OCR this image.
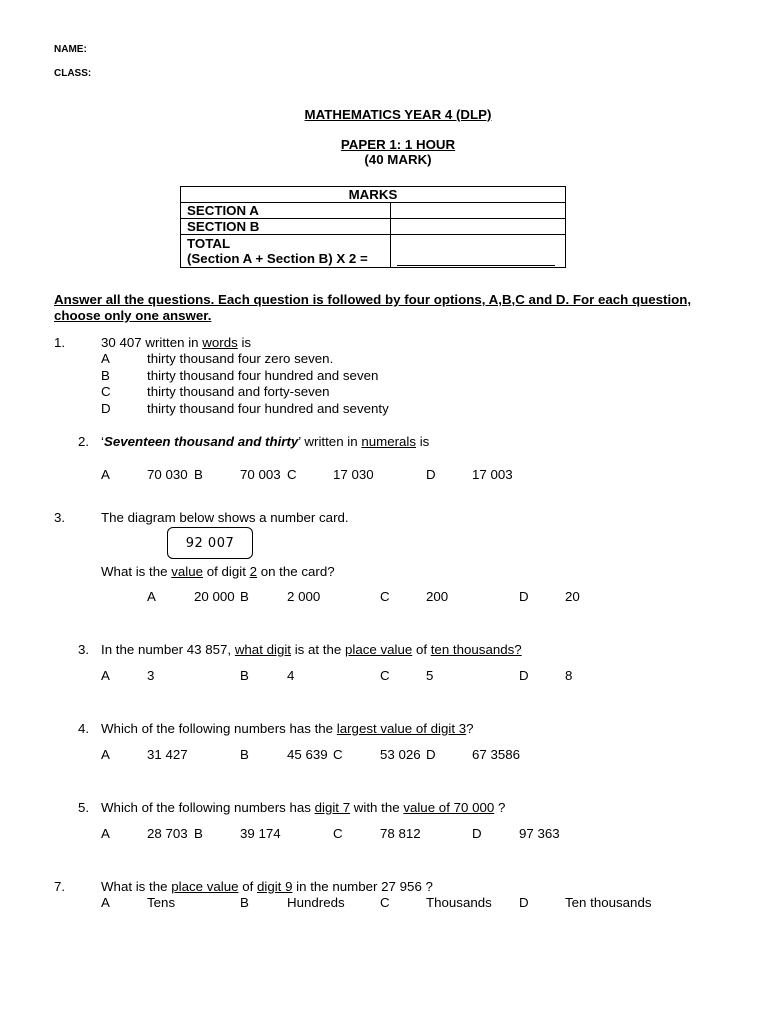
NAME:
CLASS:
MATHEMATICS YEAR 4 (DLP)
PAPER 1: 1 HOUR
(40 MARK)
MARKS	
SECTION A	
SECTION B	

TOTAL
(Section A + Section B) X 2 =	

Answer all the questions. Each question is followed by four options, A,B,C and D. For each question,
choose only one answer.
1.	30 407 written in words is
A	thirty thousand four zero seven.
B	thirty thousand four hundred and seven
C	thirty thousand and forty-seven
D	thirty thousand four hundred and seventy
2. ‘Seventeen thousand and thirty’ written in numerals is
A	70 030 B	70 003 C	17 030	D	17 003
3.	The diagram below shows a number card.
92 007
What is the value of digit 2 on the card?
A	20 000 B	2 000	C	200	D	20
3. In the number 43 857, what digit is at the place value of ten thousands?
A	3	B	4	C	5	D	8
4. Which of the following numbers has the largest value of digit 3?
A	31 427	B	45 639 C	53 026 D	67 3586
5. Which of the following numbers has digit 7 with the value of 70 000 ?
A	28 703 B	39 174	C	78 812	D	97 363
7.	What is the place value of digit 9 in the number 27 956 ?
A	Tens	B	Hundreds	C	Thousands D	Ten thousands
